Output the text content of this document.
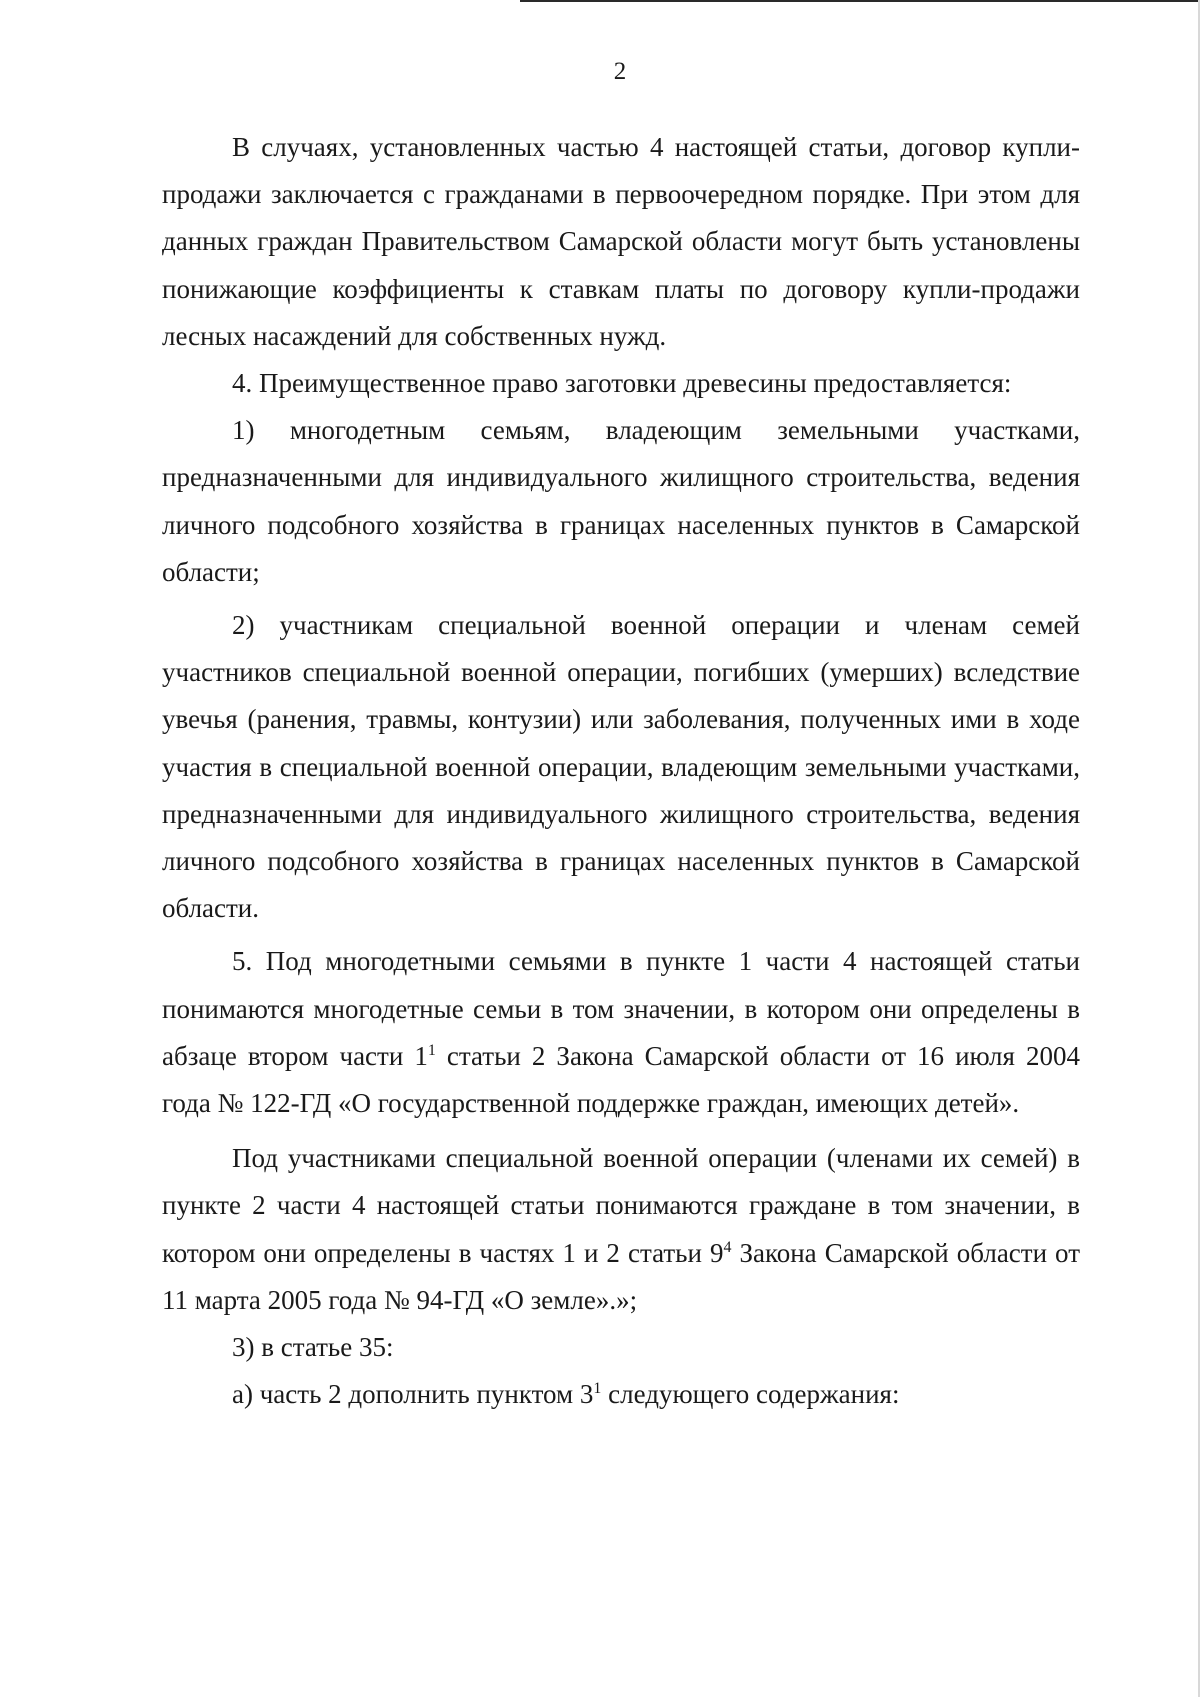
2

В случаях, установленных частью 4 настоящей статьи, договор купли-продажи заключается с гражданами в первоочередном порядке. При этом для данных граждан Правительством Самарской области могут быть установлены понижающие коэффициенты к ставкам платы по договору купли-продажи лесных насаждений для собственных нужд.

4. Преимущественное право заготовки древесины предоставляется:

1) многодетным семьям, владеющим земельными участками, предназначенными для индивидуального жилищного строительства, ведения личного подсобного хозяйства в границах населенных пунктов в Самарской области;

2) участникам специальной военной операции и членам семей участников специальной военной операции, погибших (умерших) вследствие увечья (ранения, травмы, контузии) или заболевания, полученных ими в ходе участия в специальной военной операции, владеющим земельными участками, предназначенными для индивидуального жилищного строительства, ведения личного подсобного хозяйства в границах населенных пунктов в Самарской области.

5. Под многодетными семьями в пункте 1 части 4 настоящей статьи понимаются многодетные семьи в том значении, в котором они определены в абзаце втором части $1^1$ статьи 2 Закона Самарской области от 16 июля 2004 года № 122-ГД «О государственной поддержке граждан, имеющих детей».

Под участниками специальной военной операции (членами их семей) в пункте 2 части 4 настоящей статьи понимаются граждане в том значении, в котором они определены в частях 1 и 2 статьи $9^4$ Закона Самарской области от 11 марта 2005 года № 94-ГД «О земле».»;

3) в статье 35:

а) часть 2 дополнить пунктом $3^1$ следующего содержания:
